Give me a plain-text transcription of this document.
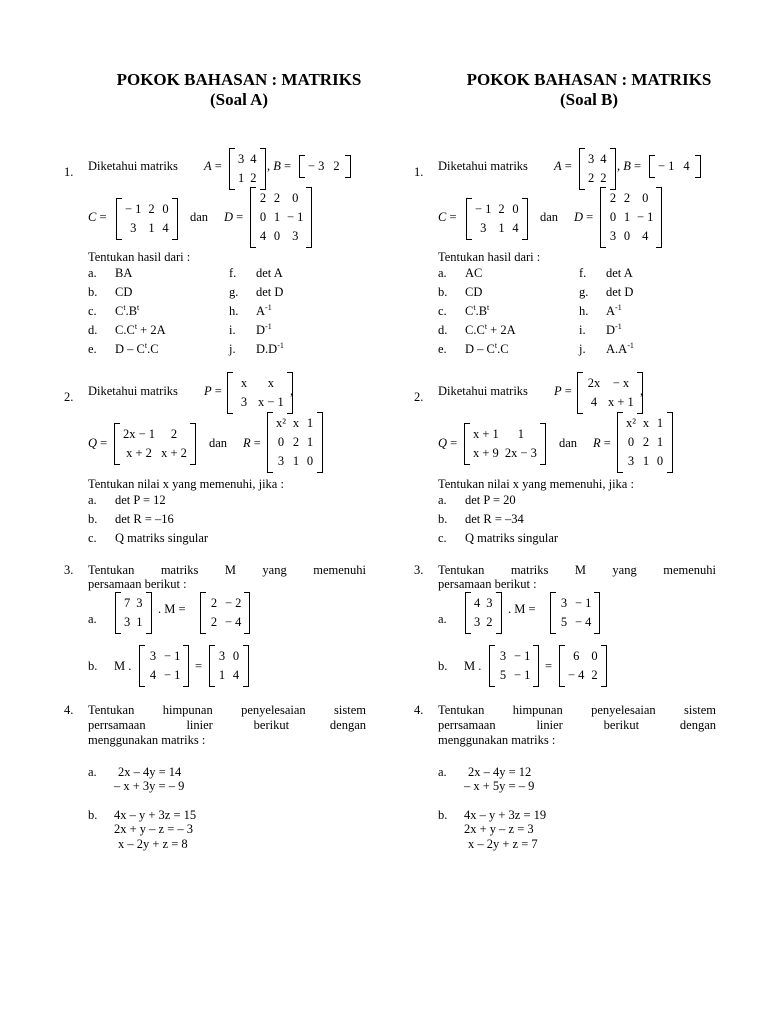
POKOK BAHASAN : MATRIKS
(Soal A)
1. Diketahui matriks A = 3	4
1	2
, B = − 3	2
C =
− 1	2	0
3	1	4
dan D =
2	2	0
0	1	− 1
4	0	3
Tentukan hasil dari :
a. BA
b. CD
c. $C^t.B^t$
d. $C.C^t + 2A$
e. D – $C^t.C$
f. det A
g. det D
h. $A^{-1}$
i. $D^{-1}$
j. $D.D^{-1}$
2. Diketahui matriks P =
x	x
3	x − 1
,
Q =
2x − 1	2
x + 2	x + 2
dan R =
x²	x	1
0	2	1
3	1	0
Tentukan nilai x yang memenuhi, jika :
a. det P = 12
b. det R = –16
c. Q matriks singular
3. Tentukan matriks M yang memenuhi
persamaan berikut :
a.
7	3
3	1
. M = 2	− 2
2	− 4
b. M .
3	− 1
4	− 1
=
3	0
1	4
4. Tentukan himpunan penyelesaian sistem
perrsamaan linier berikut dengan
menggunakan matriks :
a. 2x – 4y = 14
– x + 3y = – 9
b. 4x – y + 3z = 15
2x + y – z = – 3
x – 2y + z = 8
POKOK BAHASAN : MATRIKS
(Soal B)
1. Diketahui matriks A = 3	4
2	2
, B = − 1	4
C =
− 1	2	0
3	1	4
dan D =
2	2	0
0	1	− 1
3	0	4
Tentukan hasil dari :
a. AC
b. CD
c. $C^t.B^t$
d. $C.C^t + 2A$
e. D – $C^t.C$
f. det A
g. det D
h. $A^{-1}$
i. $D^{-1}$
j. $A.A^{-1}$
2. Diketahui matriks P =
2x	− x
4	x + 1
,
Q =
x + 1	1
x + 9	2x − 3
dan R =
x²	x	1
0	2	1
3	1	0
Tentukan nilai x yang memenuhi, jika :
a. det P = 20
b. det R = –34
c. Q matriks singular
3. Tentukan matriks M yang memenuhi
persamaan berikut :
a.
4	3
3	2
. M = 3	− 1
5	− 4
b. M .
3	− 1
5	− 1
=
6	0
− 4	2
4. Tentukan himpunan penyelesaian sistem
perrsamaan linier berikut dengan
menggunakan matriks :
a. 2x – 4y = 12
– x + 5y = – 9
b. 4x – y + 3z = 19
2x + y – z = 3
x – 2y + z = 7
